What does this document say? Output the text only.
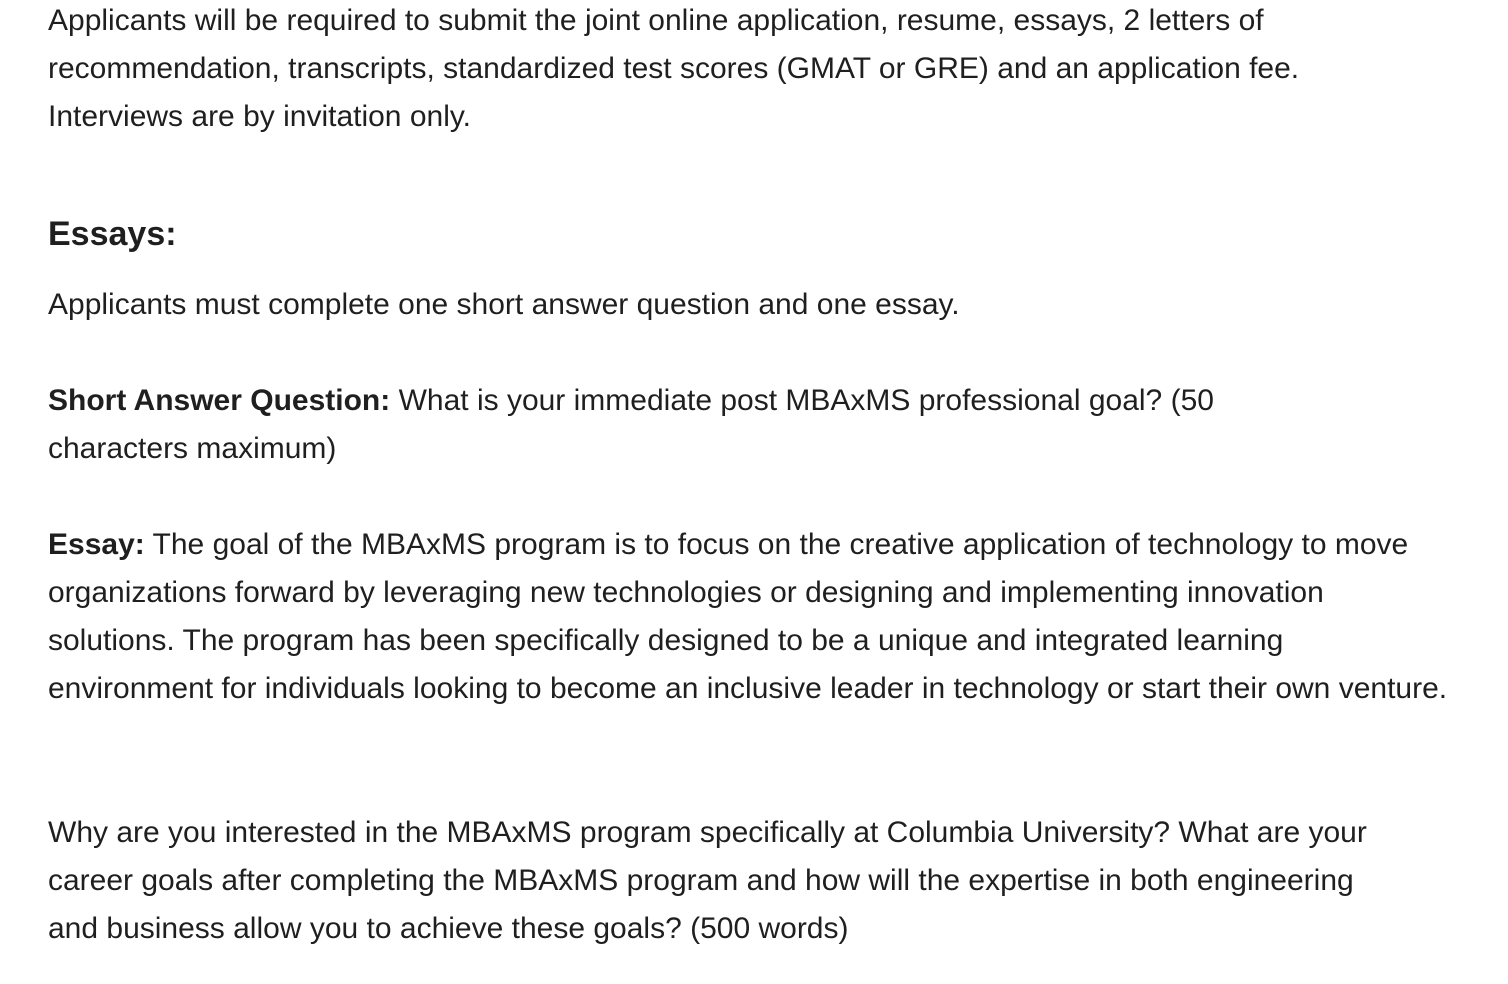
Applicants will be required to submit the joint online application, resume, essays, 2 letters of recommendation, transcripts, standardized test scores (GMAT or GRE) and an application fee. Interviews are by invitation only.

Essays:

Applicants must complete one short answer question and one essay.

Short Answer Question: What is your immediate post MBAxMS professional goal? (50 characters maximum)

Essay: The goal of the MBAxMS program is to focus on the creative application of technology to move organizations forward by leveraging new technologies or designing and implementing innovation solutions. The program has been specifically designed to be a unique and integrated learning environment for individuals looking to become an inclusive leader in technology or start their own venture.

Why are you interested in the MBAxMS program specifically at Columbia University? What are your career goals after completing the MBAxMS program and how will the expertise in both engineering and business allow you to achieve these goals? (500 words)
